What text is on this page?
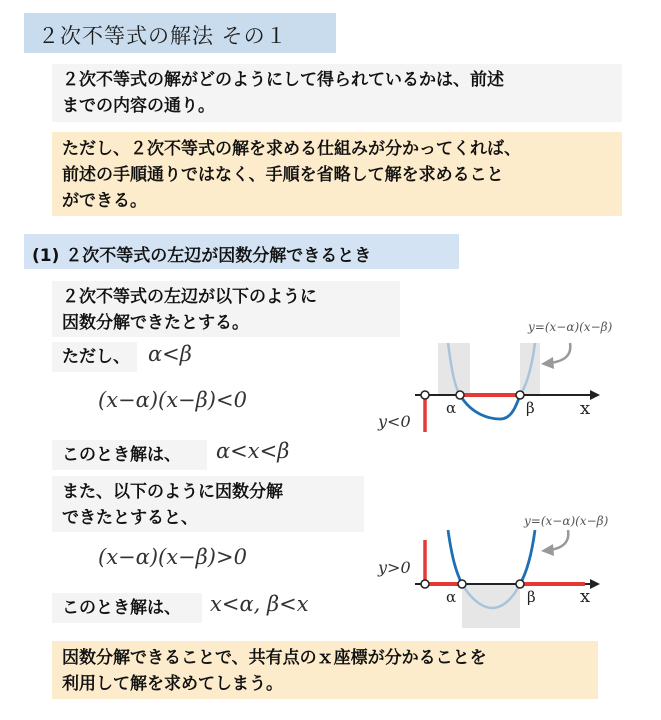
２次不等式の解法 その１
２次不等式の解がどのようにして得られているかは、前述
までの内容の通り。
ただし、２次不等式の解を求める仕組みが分かってくれば、
前述の手順通りではなく、手順を省略して解を求めること
ができる。
(1) ２次不等式の左辺が因数分解できるとき
２次不等式の左辺が以下のように
因数分解できたとする。
ただし、 α<β
(x−α)(x−β)<0
このとき解は、 α<x<β
y=(x−α)(x−β)
y<0
α	β	x
また、以下のように因数分解
できたとすると、
(x−α)(x−β)>0
このとき解は、 x<α, β<x
y=(x−α)(x−β)
y>0
α	β x
因数分解できることで、共有点のｘ座標が分かることを
利用して解を求めてしまう。
